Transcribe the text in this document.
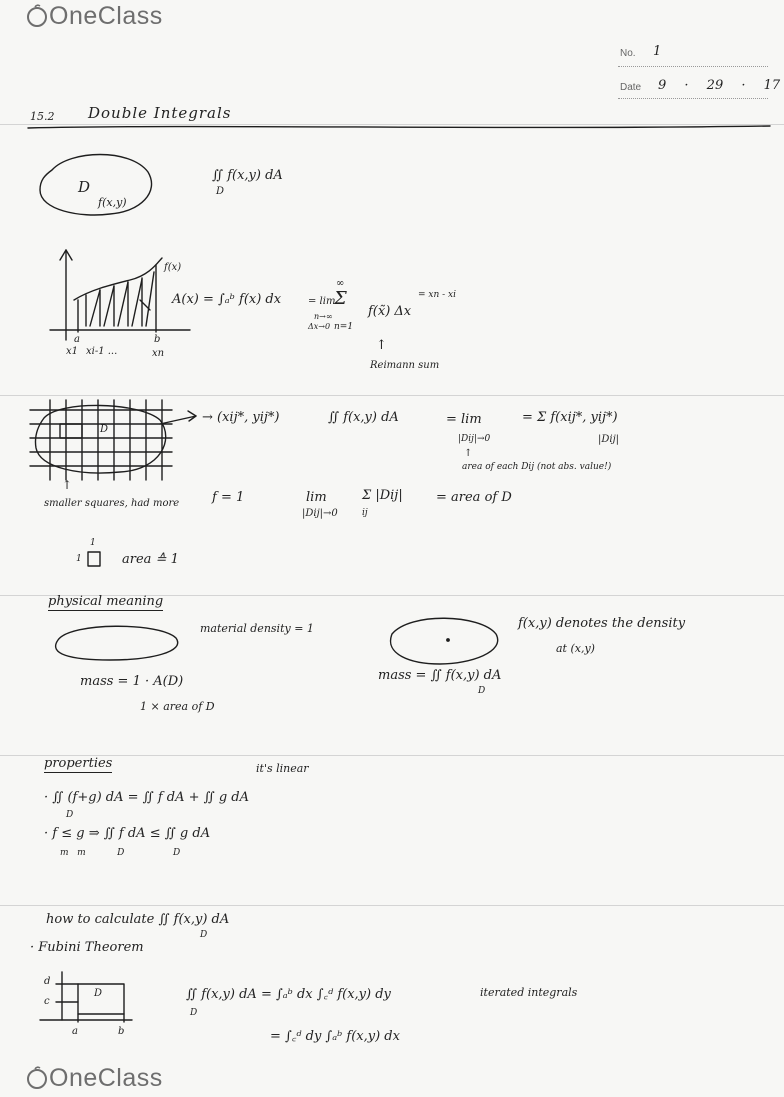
OneClass
No. 1
Date 9 · 29 · 17
15.2 Double Integrals
D
f(x,y)
∬ f(x,y) dA
D
f(x)
a	b
x1 xi-1 ...	xn
A(x) = ∫ₐᵇ f(x) dx	= lim
n→∞
Δx→0
Σ
∞
n=1
f(x̃) Δx
= xn - xi
↑
Reimann sum
→ (xij*, yij*)
D
∬ f(x,y) dA	= lim
|Dij|→0
= Σ f(xij*, yij*)
|Dij|
↑
area of each Dij (not abs. value!)
↑
smaller squares, had more	f = 1	lim
|Dij|→0
Σ |Dij|
ij
= area of D
1
1	area ≙ 1
physical meaning
material density = 1
mass = 1 · A(D)
1 × area of D
f(x,y) denotes the density
at (x,y)
mass = ∬ f(x,y) dA
D
properties	it's linear
· ∬ (f+g) dA = ∬ f dA + ∬ g dA
D
· f ≤ g ⇒ ∬ f dA ≤ ∬ g dA
m   m           D                 D
how to calculate ∬ f(x,y) dA
D
· Fubini Theorem
d
c
a	b
D	∬ f(x,y) dA = ∫ₐᵇ dx ∫꜀ᵈ f(x,y) dy
D
iterated integrals
= ∫꜀ᵈ dy ∫ₐᵇ f(x,y) dx
OneClass
